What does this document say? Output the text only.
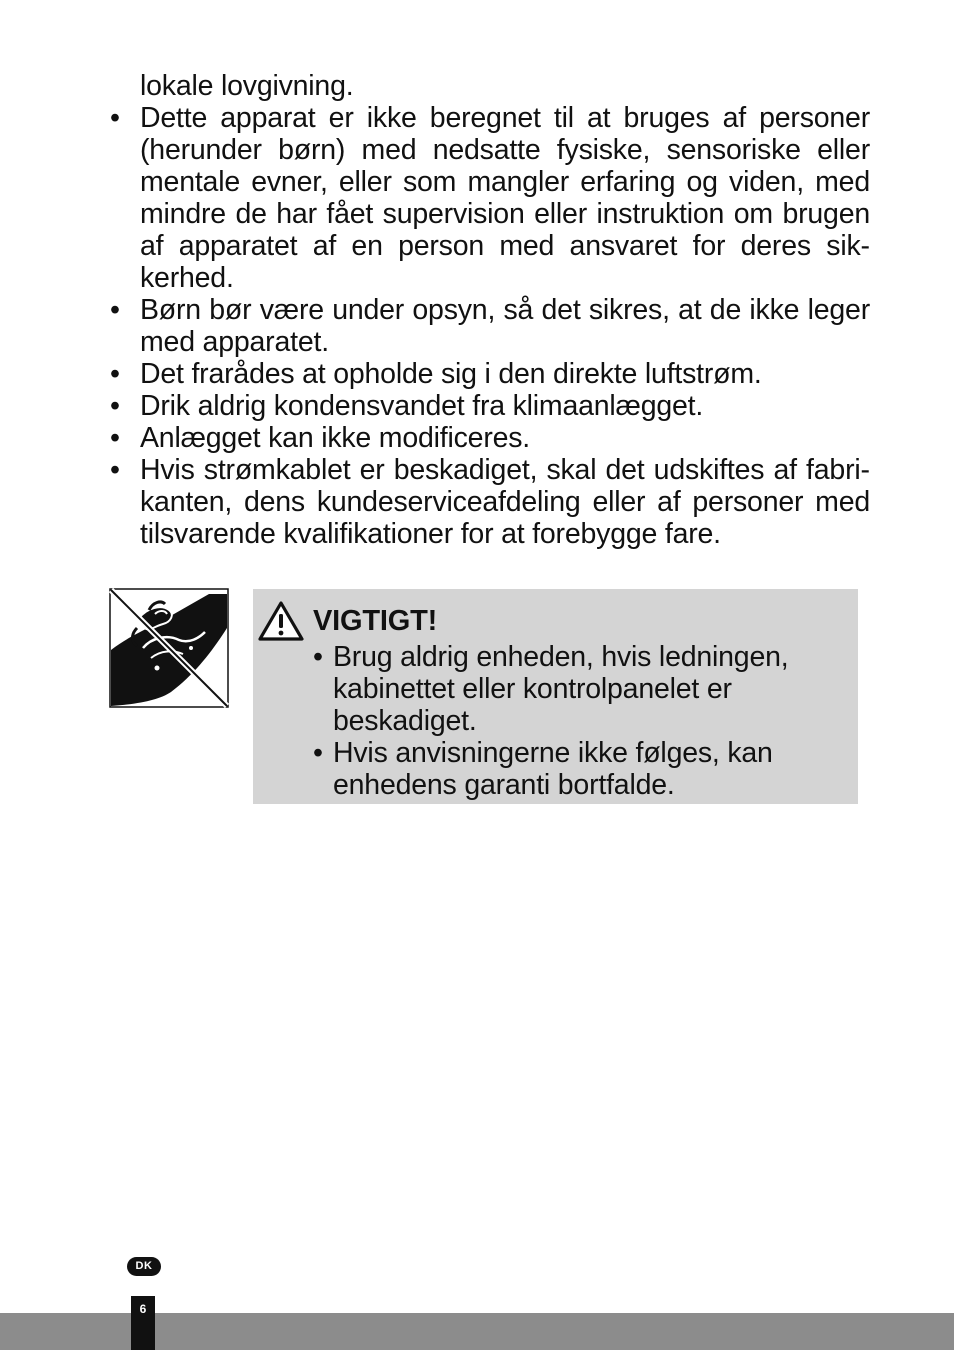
lokale lovgivning.

• Dette apparat er ikke beregnet til at bruges af personer (herunder børn) med nedsatte fysiske, sensoriske eller mentale evner, eller som mangler erfaring og viden, med mindre de har fået supervision eller instruktion om brugen af apparatet af en person med ansvaret for deres sikkerhed.
• Børn bør være under opsyn, så det sikres, at de ikke leger med apparatet.
• Det frarådes at opholde sig i den direkte luftstrøm.
• Drik aldrig kondensvandet fra klimaanlægget.
• Anlægget kan ikke modificeres.
• Hvis strømkablet er beskadiget, skal det udskiftes af fabrikanten, dens kundeserviceafdeling eller af personer med tilsvarende kvalifikationer for at forebygge fare.
VIGTIGT!
• Brug aldrig enheden, hvis ledningen, kabinettet eller kontrolpanelet er beskadiget.
• Hvis anvisningerne ikke følges, kan enhedens garanti bortfalde.
DK
6
